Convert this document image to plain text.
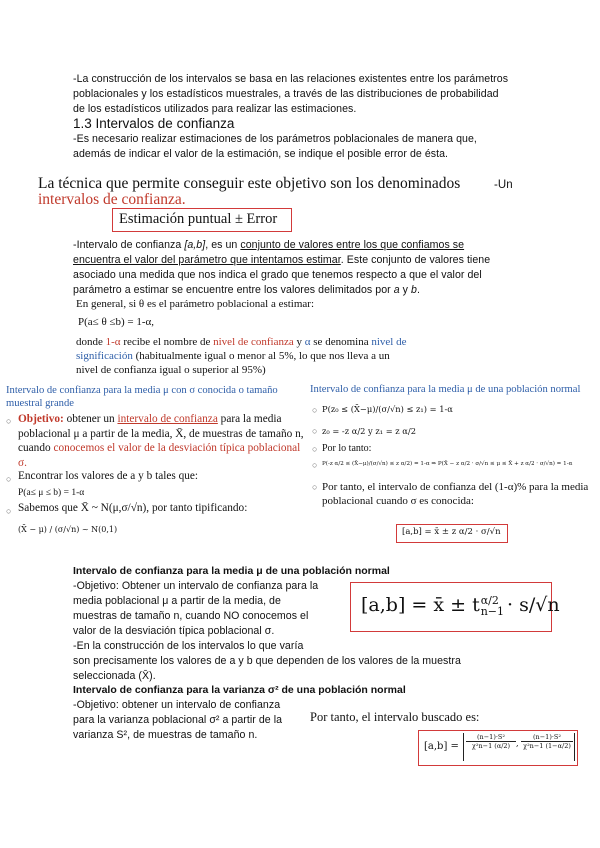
-La construcción de los intervalos se basa en las relaciones existentes entre los parámetros
poblacionales y los estadísticos muestrales, a través de las distribuciones de probabilidad
de los estadísticos utilizados para realizar las estimaciones.
1.3 Intervalos de confianza
-Es necesario realizar estimaciones de los parámetros poblacionales de manera que,
además de indicar el valor de la estimación, se indique el posible error de ésta.
La técnica que permite conseguir este objetivo son los denominados	-Un
intervalos de confianza.
Estimación puntual ± Error
-Intervalo de confianza [a,b], es un conjunto de valores entre los que confiamos se
encuentra el valor del parámetro que intentamos estimar. Este conjunto de valores tiene
asociado una medida que nos indica el grado que tenemos respecto a que el valor del
parámetro a estimar se encuentre entre los valores delimitados por a y b.
En general, si θ es el parámetro poblacional a estimar:
P(a≤ θ ≤b) = 1-α,
donde 1-α recibe el nombre de nivel de confianza y α se denomina nivel de
significación (habitualmente igual o menor al 5%, lo que nos lleva a un
nivel de confianza igual o superior al 95%)
Intervalo de confianza para la media μ con σ conocida o tamaño
muestral grande
○ Objetivo: obtener un intervalo de confianza para la media
poblacional μ a partir de la media, X̄, de muestras de tamaño n,
cuando conocemos el valor de la desviación típica poblacional
σ.
○ Encontrar los valores de a y b tales que:
P(a≤ μ ≤ b) = 1-α
○ Sabemos que X̄ ~ N(μ,σ/√n), por tanto tipificando:
(X̄ − μ) / (σ/√n) ~ N(0,1)
Intervalo de confianza para la media μ de una población normal
○ P(z₀ ≤ (X̄−μ)/(σ/√n) ≤ z₁) = 1-α
○ z₀ = -z α/2 y z₁ = z α/2
○ Por lo tanto:
○ P(-z α/2 ≤ (X̄−μ)/(σ/√n) ≤ z α/2) = 1-α ⇒ P(X̄ − z α/2 · σ/√n ≤ μ ≤ X̄ + z α/2 · σ/√n) = 1-α
○ Por tanto, el intervalo de confianza del (1-α)% para la media
poblacional cuando σ es conocida:
[a,b] = x̄ ± z α/2 · σ/√n
Intervalo de confianza para la media μ de una población normal
-Objetivo: Obtener un intervalo de confianza para la
media poblacional μ a partir de la media, de
muestras de tamaño n, cuando NO conocemos el
valor de la desviación típica poblacional σ.
-En la construcción de los intervalos lo que varía
son precisamente los valores de a y b que dependen de los valores de la muestra
seleccionada (X̄).
[a,b] = x̄ ± t α/2
n−1 · s/√n
Intervalo de confianza para la varianza σ² de una población normal
-Objetivo: obtener un intervalo de confianza
para la varianza poblacional σ² a partir de la
varianza S², de muestras de tamaño n.
Por tanto, el intervalo buscado es:
$[a,b] = \frac{\text{(n−1)·S²}}{\text{χ²n−1 (α/2)}}$ , $\frac{\text{(n−1)·S²}}{\text{χ²n−1 (1−α/2)}}$
